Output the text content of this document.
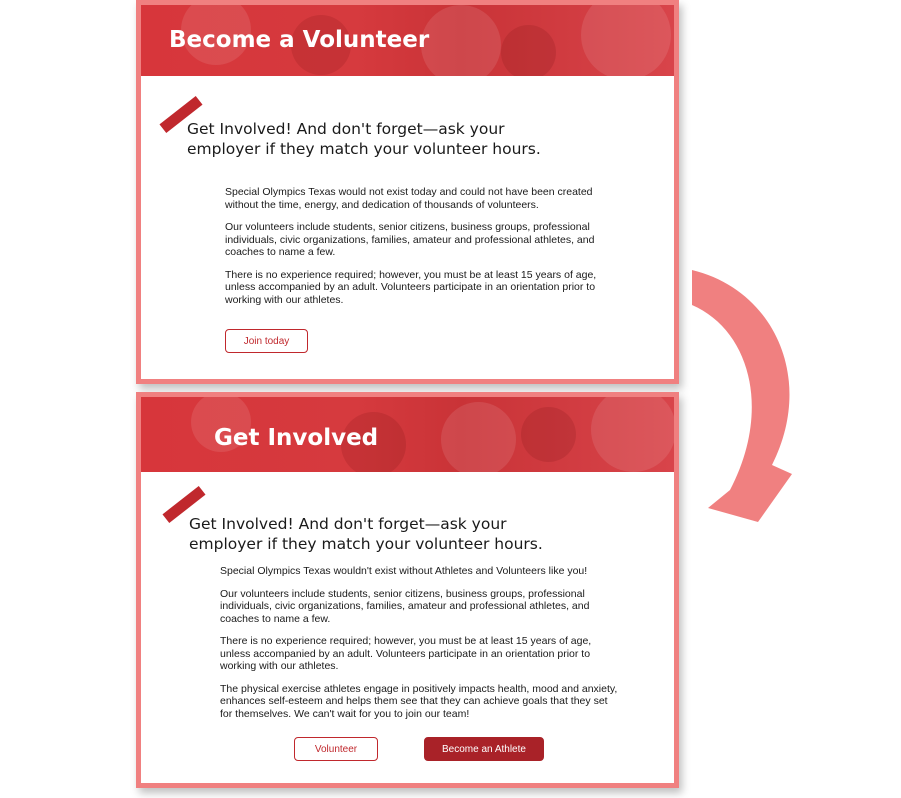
Become a Volunteer
Get Involved! And don't forget—ask your
employer if they match your volunteer hours.

Special Olympics Texas would not exist today and could not have been created without the time, energy, and dedication of thousands of volunteers.

Our volunteers include students, senior citizens, business groups, professional individuals, civic organizations, families, amateur and professional athletes, and coaches to name a few.

There is no experience required; however, you must be at least 15 years of age, unless accompanied by an adult. Volunteers participate in an orientation prior to working with our athletes.

Join today
Get Involved
Get Involved! And don't forget—ask your
employer if they match your volunteer hours.

Special Olympics Texas wouldn't exist without Athletes and Volunteers like you!

Our volunteers include students, senior citizens, business groups, professional individuals, civic organizations, families, amateur and professional athletes, and coaches to name a few.

There is no experience required; however, you must be at least 15 years of age, unless accompanied by an adult. Volunteers participate in an orientation prior to working with our athletes.

The physical exercise athletes engage in positively impacts health, mood and anxiety, enhances self-esteem and helps them see that they can achieve goals that they set for themselves. We can't wait for you to join our team!

Volunteer	Become an Athlete
